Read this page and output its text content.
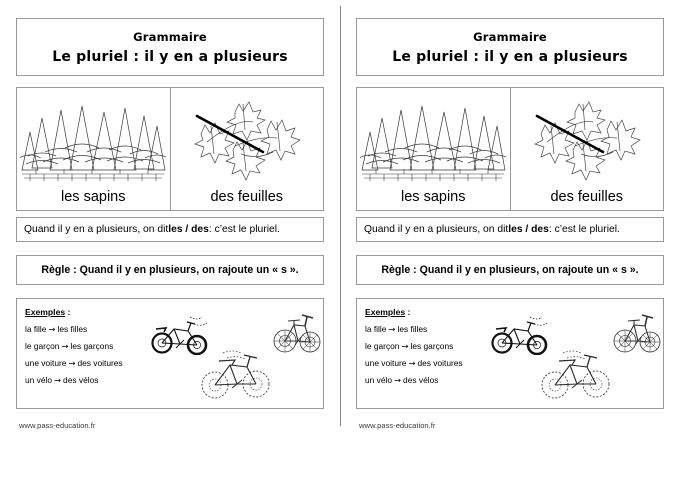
Grammaire
Le pluriel : il y en a plusieurs
les sapins	des feuilles
Quand il y en a plusieurs, on dit les / des : c’est le pluriel.
Règle : Quand il y en plusieurs, on rajoute un « s ».
Exemples :
la fille → les filles
le garçon → les garçons
une voiture → des voitures
un vélo → des vélos
www.pass-education.fr
Grammaire
Le pluriel : il y en a plusieurs
les sapins	des feuilles
Quand il y en a plusieurs, on dit les / des : c’est le pluriel.
Règle : Quand il y en plusieurs, on rajoute un « s ».
Exemples :
la fille → les filles
le garçon → les garçons
une voiture → des voitures
un vélo → des vélos
www.pass-education.fr
